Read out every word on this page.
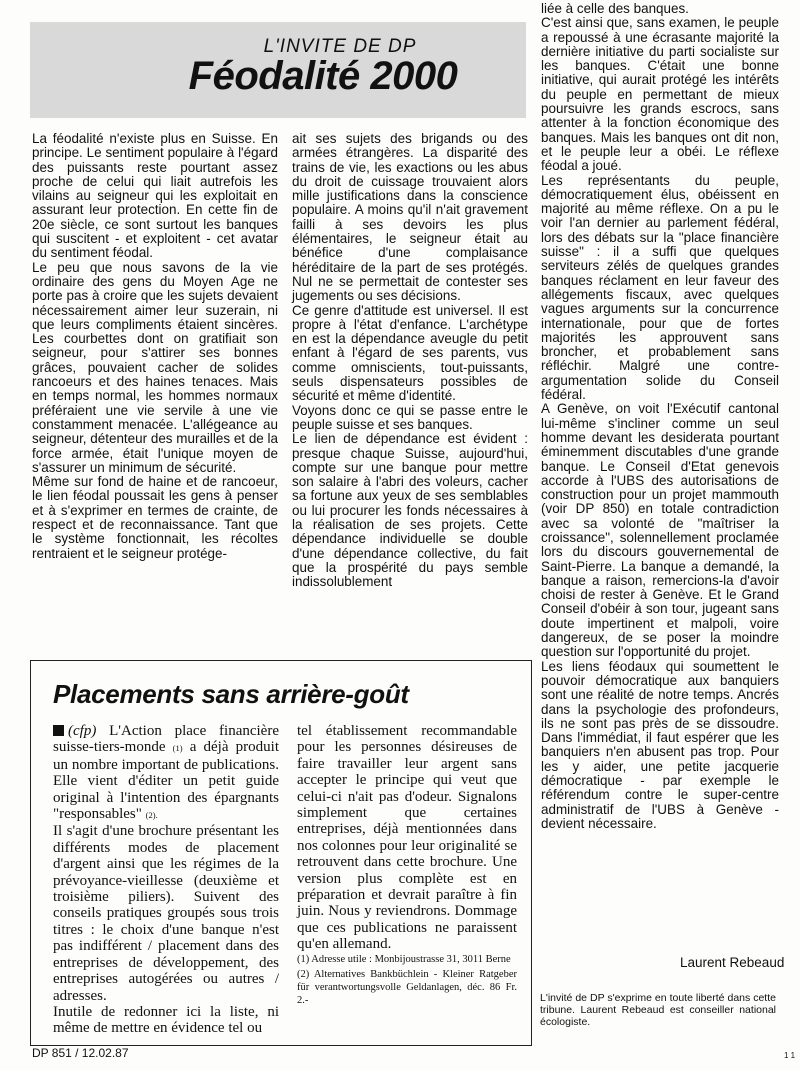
L'INVITE DE DP
Féodalité 2000

La féodalité n'existe plus en Suisse. En principe. Le sentiment populaire à l'égard des puissants reste pourtant assez proche de celui qui liait autrefois les vilains au seigneur qui les exploitait en assurant leur protection. En cette fin de 20e siècle, ce sont surtout les banques qui suscitent - et exploitent - cet avatar du sentiment féodal.

Le peu que nous savons de la vie ordinaire des gens du Moyen Age ne porte pas à croire que les sujets devaient nécessairement aimer leur suzerain, ni que leurs compliments étaient sincères. Les courbettes dont on gratifiait son seigneur, pour s'attirer ses bonnes grâces, pouvaient cacher de solides rancoeurs et des haines tenaces. Mais en temps normal, les hommes normaux préféraient une vie servile à une vie constamment menacée. L'allégeance au seigneur, détenteur des murailles et de la force armée, était l'unique moyen de s'assurer un minimum de sécurité.

Même sur fond de haine et de rancoeur, le lien féodal poussait les gens à penser et à s'exprimer en termes de crainte, de respect et de reconnaissance. Tant que le système fonctionnait, les récoltes rentraient et le seigneur protége-

ait ses sujets des brigands ou des armées étrangères. La disparité des trains de vie, les exactions ou les abus du droit de cuissage trouvaient alors mille justifications dans la conscience populaire. A moins qu'il n'ait gravement failli à ses devoirs les plus élémentaires, le seigneur était au bénéfice d'une complaisance héréditaire de la part de ses protégés. Nul ne se permettait de contester ses jugements ou ses décisions.

Ce genre d'attitude est universel. Il est propre à l'état d'enfance. L'archétype en est la dépendance aveugle du petit enfant à l'égard de ses parents, vus comme omniscients, tout-puissants, seuls dispensateurs possibles de sécurité et même d'identité.

Voyons donc ce qui se passe entre le peuple suisse et ses banques.

Le lien de dépendance est évident : presque chaque Suisse, aujourd'hui, compte sur une banque pour mettre son salaire à l'abri des voleurs, cacher sa fortune aux yeux de ses semblables ou lui procurer les fonds nécessaires à la réalisation de ses projets. Cette dépendance individuelle se double d'une dépendance collective, du fait que la prospérité du pays semble indissolublement

liée à celle des banques.

C'est ainsi que, sans examen, le peuple a repoussé à une écrasante majorité la dernière initiative du parti socialiste sur les banques. C'était une bonne initiative, qui aurait protégé les intérêts du peuple en permettant de mieux poursuivre les grands escrocs, sans attenter à la fonction économique des banques. Mais les banques ont dit non, et le peuple leur a obéi. Le réflexe féodal a joué.

Les représentants du peuple, démocratiquement élus, obéissent en majorité au même réflexe. On a pu le voir l'an dernier au parlement fédéral, lors des débats sur la "place financière suisse" : il a suffi que quelques serviteurs zélés de quelques grandes banques réclament en leur faveur des allégements fiscaux, avec quelques vagues arguments sur la concurrence internationale, pour que de fortes majorités les approuvent sans broncher, et probablement sans réfléchir. Malgré une contre-argumentation solide du Conseil fédéral.

A Genève, on voit l'Exécutif cantonal lui-même s'incliner comme un seul homme devant les desiderata pourtant éminemment discutables d'une grande banque. Le Conseil d'Etat genevois accorde à l'UBS des autorisations de construction pour un projet mammouth (voir DP 850) en totale contradiction avec sa volonté de "maîtriser la croissance", solennellement proclamée lors du discours gouvernemental de Saint-Pierre. La banque a demandé, la banque a raison, remercions-la d'avoir choisi de rester à Genève. Et le Grand Conseil d'obéir à son tour, jugeant sans doute impertinent et malpoli, voire dangereux, de se poser la moindre question sur l'opportunité du projet.

Les liens féodaux qui soumettent le pouvoir démocratique aux banquiers sont une réalité de notre temps. Ancrés dans la psychologie des profondeurs, ils ne sont pas près de se dissoudre. Dans l'immédiat, il faut espérer que les banquiers n'en abusent pas trop. Pour les y aider, une petite jacquerie démocratique - par exemple le référendum contre le super-centre administratif de l'UBS à Genève - devient nécessaire.

Placements sans arrière-goût

(cfp) L'Action place financière suisse-tiers-monde (1) a déjà produit un nombre important de publications. Elle vient d'éditer un petit guide original à l'intention des épargnants "responsables" (2).

Il s'agit d'une brochure présentant les différents modes de placement d'argent ainsi que les régimes de la prévoyance-vieillesse (deuxième et troisième piliers). Suivent des conseils pratiques groupés sous trois titres : le choix d'une banque n'est pas indifférent / placement dans des entreprises de développement, des entreprises autogérées ou autres / adresses.

Inutile de redonner ici la liste, ni même de mettre en évidence tel ou

tel établissement recommandable pour les personnes désireuses de faire travailler leur argent sans accepter le principe qui veut que celui-ci n'ait pas d'odeur. Signalons simplement que certaines entreprises, déjà mentionnées dans nos colonnes pour leur originalité se retrouvent dans cette brochure. Une version plus complète est en préparation et devrait paraître à fin juin. Nous y reviendrons. Dommage que ces publications ne paraissent qu'en allemand.

(1) Adresse utile : Monbijoustrasse 31, 3011 Berne

(2) Alternatives Bankbüchlein - Kleiner Ratgeber für verantwortungsvolle Geldanlagen, déc. 86 Fr. 2.-

Laurent Rebeaud
L'invité de DP s'exprime en toute liberté dans cette tribune. Laurent Rebeaud est conseiller national écologiste.
DP 851 / 12.02.87	1 1
